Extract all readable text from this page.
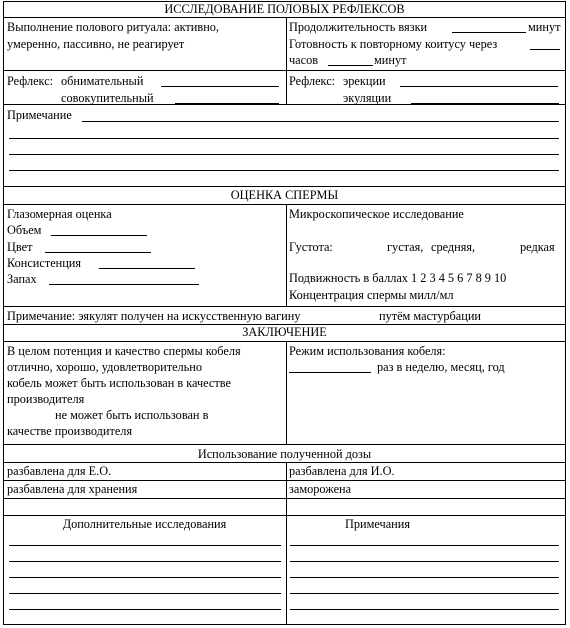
ИССЛЕДОВАНИЕ ПОЛОВЫХ РЕФЛЕКСОВ
Выполнение полового ритуала: активно,
умеренно, пассивно, не реагирует
Продолжительность вязки	минут
Готовность к повторному коитусу через
часов	минут
Рефлекс: обнимательный
совокупительный
Рефлекс: эрекции
экуляции
Примечание
ОЦЕНКА СПЕРМЫ
Глазомерная оценка
Объем
Цвет
Консистенция
Запах
Микроскопическое исследование
Густота:	густая, средняя,	редкая
Подвижность в баллах 1 2 3 4 5 6 7 8 9 10
Концентрация спермы милл/мл
Примечание: эякулят получен на искусственную вагину	путём мастурбации
ЗАКЛЮЧЕНИЕ
В целом потенция и качество спермы кобеля
отлично, хорошо, удовлетворительно
кобель может быть использован в качестве
производителя
не может быть использован в
качестве производителя
Режим использования кобеля:
раз в неделю, месяц, год
Использование полученной дозы
разбавлена для Е.О.	разбавлена для И.О.
разбавлена для хранения	заморожена
Дополнительные исследования	Примечания
